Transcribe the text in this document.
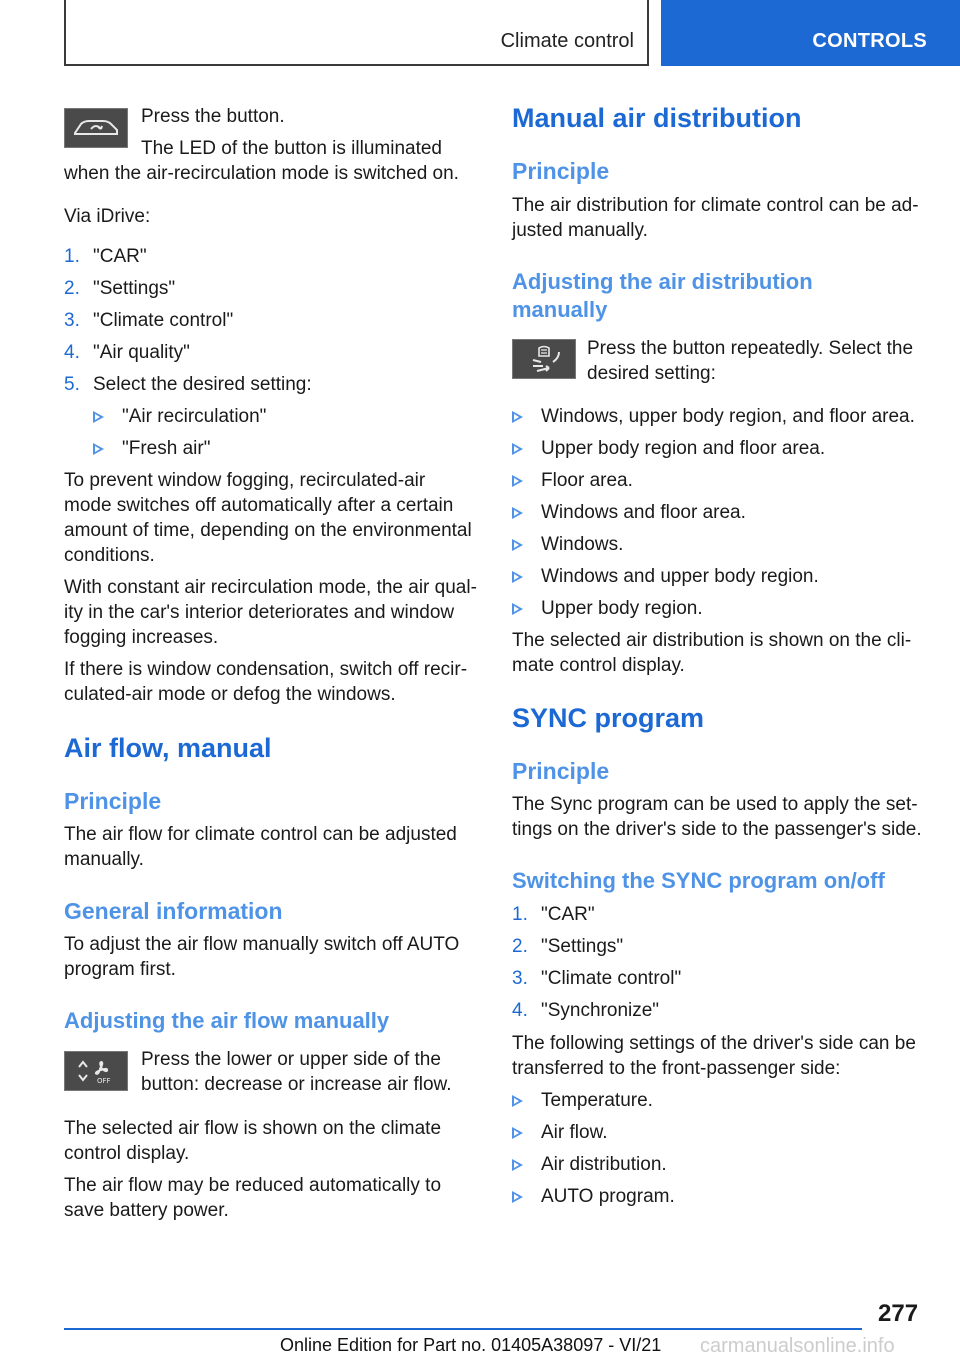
Climate control	CONTROLS
Press the button.
The LED of the button is illuminated
when the air-recirculation mode is switched on.
Via iDrive:
1. "CAR"
2. "Settings"
3. "Climate control"
4. "Air quality"
5. Select the desired setting:
"Air recirculation"
"Fresh air"
To prevent window fogging, recirculated-air
mode switches off automatically after a certain
amount of time, depending on the environmental
conditions.
With constant air recirculation mode, the air qual-
ity in the car's interior deteriorates and window
fogging increases.
If there is window condensation, switch off recir-
culated-air mode or defog the windows.
Air flow, manual
Principle
The air flow for climate control can be adjusted
manually.
General information
To adjust the air flow manually switch off AUTO
program first.
Adjusting the air flow manually
OFF
Press the lower or upper side of the
button: decrease or increase air flow.
The selected air flow is shown on the climate
control display.
The air flow may be reduced automatically to
save battery power.
Manual air distribution
Principle
The air distribution for climate control can be ad-
justed manually.
Adjusting the air distribution
manually
Press the button repeatedly. Select the
desired setting:
Windows, upper body region, and floor area.
Upper body region and floor area.
Floor area.
Windows and floor area.
Windows.
Windows and upper body region.
Upper body region.
The selected air distribution is shown on the cli-
mate control display.
SYNC program
Principle
The Sync program can be used to apply the set-
tings on the driver's side to the passenger's side.
Switching the SYNC program on/off
1. "CAR"
2. "Settings"
3. "Climate control"
4. "Synchronize"
The following settings of the driver's side can be
transferred to the front-passenger side:
Temperature.
Air flow.
Air distribution.
AUTO program.
277
Online Edition for Part no. 01405A38097 - VI/21 carmanualsonline.info
